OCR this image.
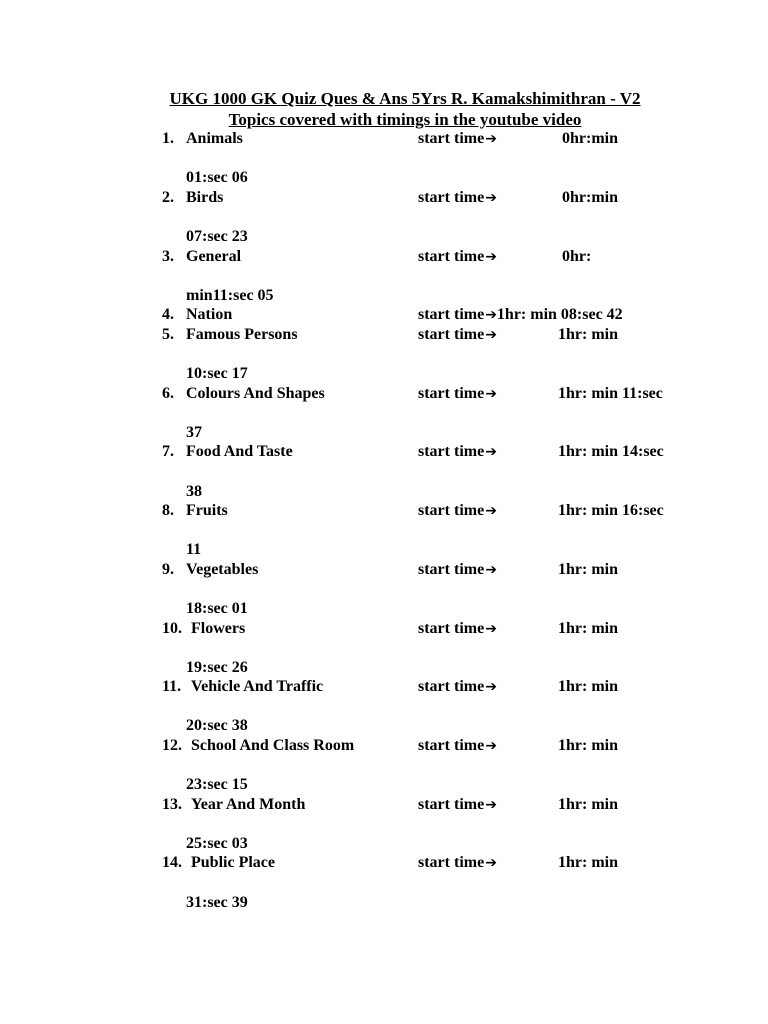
UKG 1000 GK Quiz Ques & Ans 5Yrs R. Kamakshimithran - V2
Topics covered with timings in the youtube video
1. Animals	start time➔	0hr:min
01:sec 06
2. Birds	start time➔	0hr:min
07:sec 23
3. General	start time➔	0hr:
min11:sec 05
4. Nation	start time➔1hr: min 08:sec 42
5. Famous Persons	start time➔	1hr: min
10:sec 17
6. Colours And Shapes	start time➔	1hr: min 11:sec
37
7. Food And Taste	start time➔	1hr: min 14:sec
38
8. Fruits	start time➔	1hr: min 16:sec
11
9. Vegetables	start time➔	1hr: min
18:sec 01
10. Flowers	start time➔	1hr: min
19:sec 26
11. Vehicle And Traffic	start time➔	1hr: min
20:sec 38
12. School And Class Room	start time➔	1hr: min
23:sec 15
13. Year And Month	start time➔	1hr: min
25:sec 03
14. Public Place	start time➔	1hr: min
31:sec 39
